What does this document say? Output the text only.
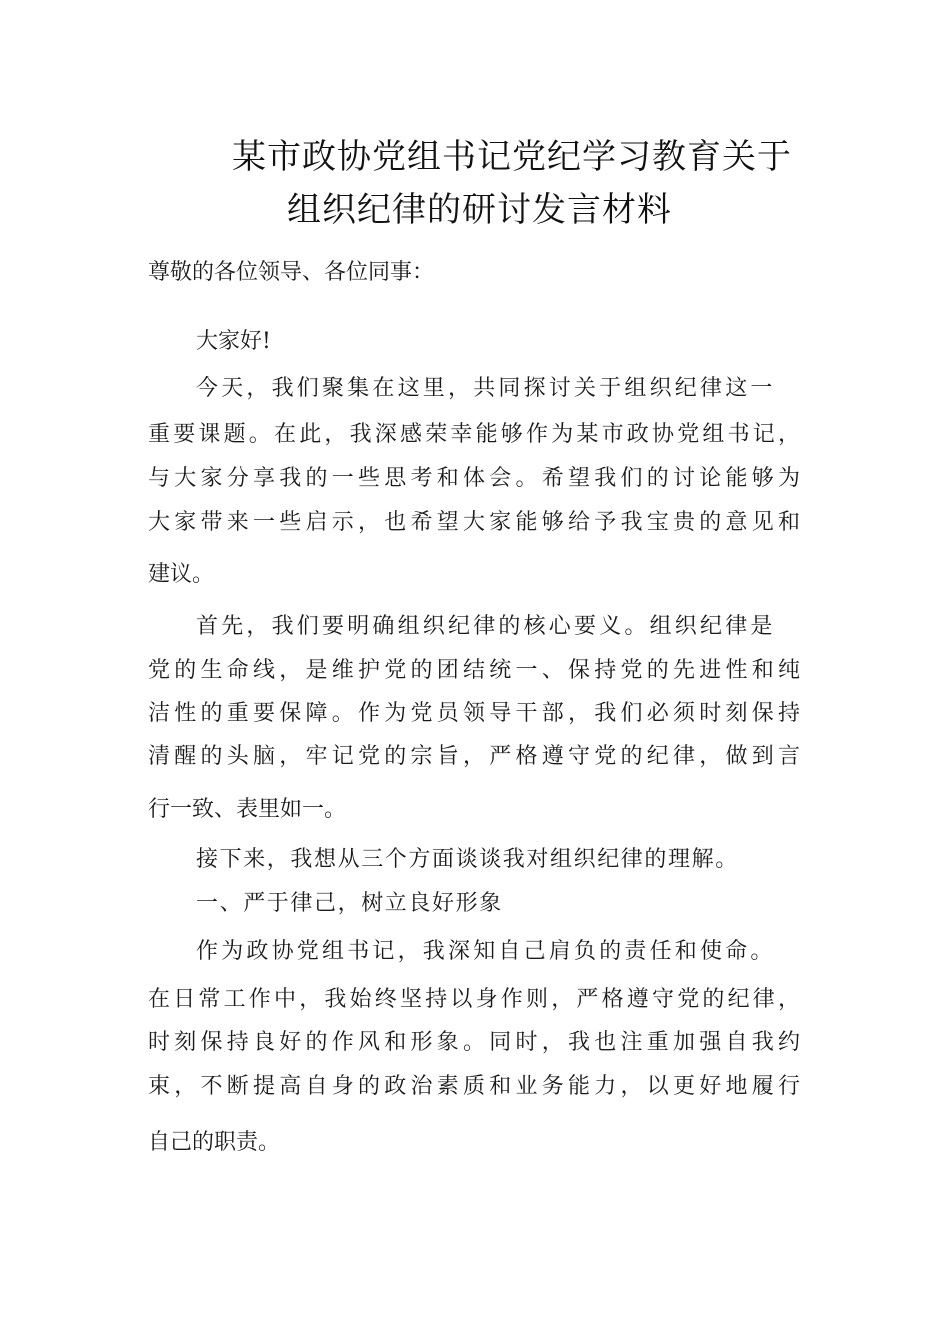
某市政协党组书记党纪学习教育关于
组织纪律的研讨发言材料
尊敬的各位领导、各位同事：
大家好!
今天，我们聚集在这里，共同探讨关于组织纪律这一
重要课题。在此，我深感荣幸能够作为某市政协党组书记，
与大家分享我的一些思考和体会。希望我们的讨论能够为
大家带来一些启示，也希望大家能够给予我宝贵的意见和
建议。
首先，我们要明确组织纪律的核心要义。组织纪律是
党的生命线，是维护党的团结统一、保持党的先进性和纯
洁性的重要保障。作为党员领导干部，我们必须时刻保持
清醒的头脑，牢记党的宗旨，严格遵守党的纪律，做到言
行一致、表里如一。
接下来，我想从三个方面谈谈我对组织纪律的理解。
一、严于律己，树立良好形象
作为政协党组书记，我深知自己肩负的责任和使命。
在日常工作中，我始终坚持以身作则，严格遵守党的纪律，
时刻保持良好的作风和形象。同时，我也注重加强自我约
束，不断提高自身的政治素质和业务能力，以更好地履行
自己的职责。
